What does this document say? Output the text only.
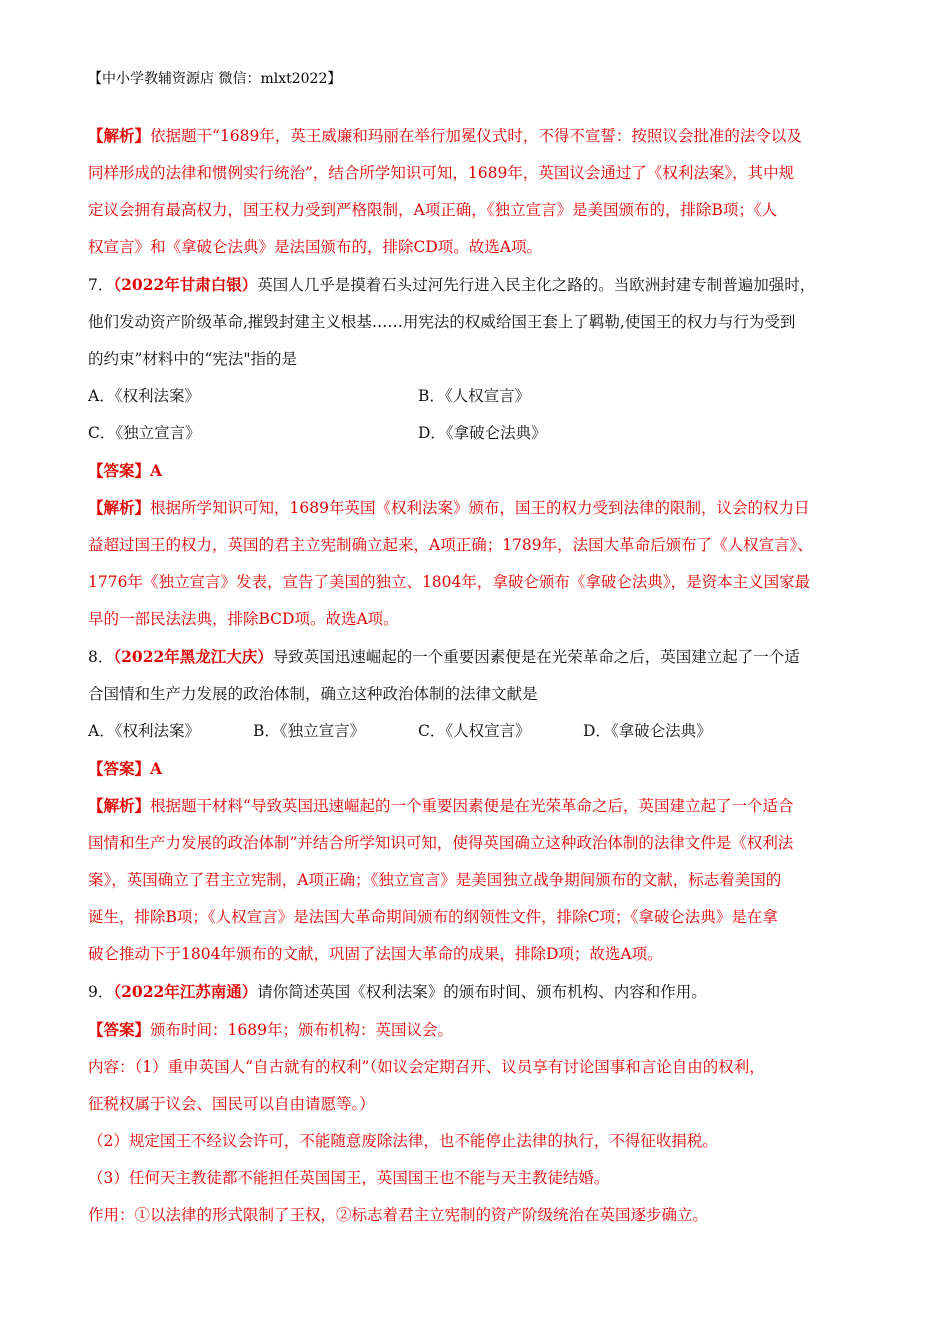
【中小学教辅资源店 微信：mlxt2022】

【解析】依据题干“1689年，英王威廉和玛丽在举行加冕仪式时，不得不宣誓：按照议会批准的法令以及

同样形成的法律和惯例实行统治”，结合所学知识可知，1689年，英国议会通过了《权利法案》，其中规

定议会拥有最高权力，国王权力受到严格限制，A项正确，《独立宣言》是美国颁布的，排除B项；《人

权宣言》和《拿破仑法典》是法国颁布的，排除CD项。故选A项。

7．（2022年甘肃白银）英国人几乎是摸着石头过河先行进入民主化之路的。当欧洲封建专制普遍加强时，

他们发动资产阶级革命,摧毁封建主义根基……用宪法的权威给国王套上了羁勒,使国王的权力与行为受到

的约束”材料中的“宪法"指的是

A．《权利法案》	B．《人权宣言》
C．《独立宣言》	D．《拿破仑法典》

【答案】A

【解析】根据所学知识可知，1689年英国《权利法案》颁布，国王的权力受到法律的限制，议会的权力日

益超过国王的权力，英国的君主立宪制确立起来，A项正确；1789年，法国大革命后颁布了《人权宣言》、

1776年《独立宣言》发表，宣告了美国的独立、1804年，拿破仑颁布《拿破仑法典》，是资本主义国家最

早的一部民法法典，排除BCD项。故选A项。

8．（2022年黑龙江大庆）导致英国迅速崛起的一个重要因素便是在光荣革命之后，英国建立起了一个适

合国情和生产力发展的政治体制，确立这种政治体制的法律文献是

A．《权利法案》	B．《独立宣言》	C．《人权宣言》	D．《拿破仑法典》

【答案】A

【解析】根据题干材料“导致英国迅速崛起的一个重要因素便是在光荣革命之后，英国建立起了一个适合

国情和生产力发展的政治体制”并结合所学知识可知，使得英国确立这种政治体制的法律文件是《权利法

案》，英国确立了君主立宪制，A项正确；《独立宣言》是美国独立战争期间颁布的文献，标志着美国的

诞生，排除B项；《人权宣言》是法国大革命期间颁布的纲领性文件，排除C项；《拿破仑法典》是在拿

破仑推动下于1804年颁布的文献，巩固了法国大革命的成果，排除D项；故选A项。

9．（2022年江苏南通）请你简述英国《权利法案》的颁布时间、颁布机构、内容和作用。

【答案】颁布时间：1689年；颁布机构：英国议会。

内容：（1）重申英国人“自古就有的权利”（如议会定期召开、议员享有讨论国事和言论自由的权利，

征税权属于议会、国民可以自由请愿等。）

（2）规定国王不经议会许可，不能随意废除法律，也不能停止法律的执行，不得征收捐税。

（3）任何天主教徒都不能担任英国国王，英国国王也不能与天主教徒结婚。

作用：①以法律的形式限制了王权，②标志着君主立宪制的资产阶级统治在英国逐步确立。
